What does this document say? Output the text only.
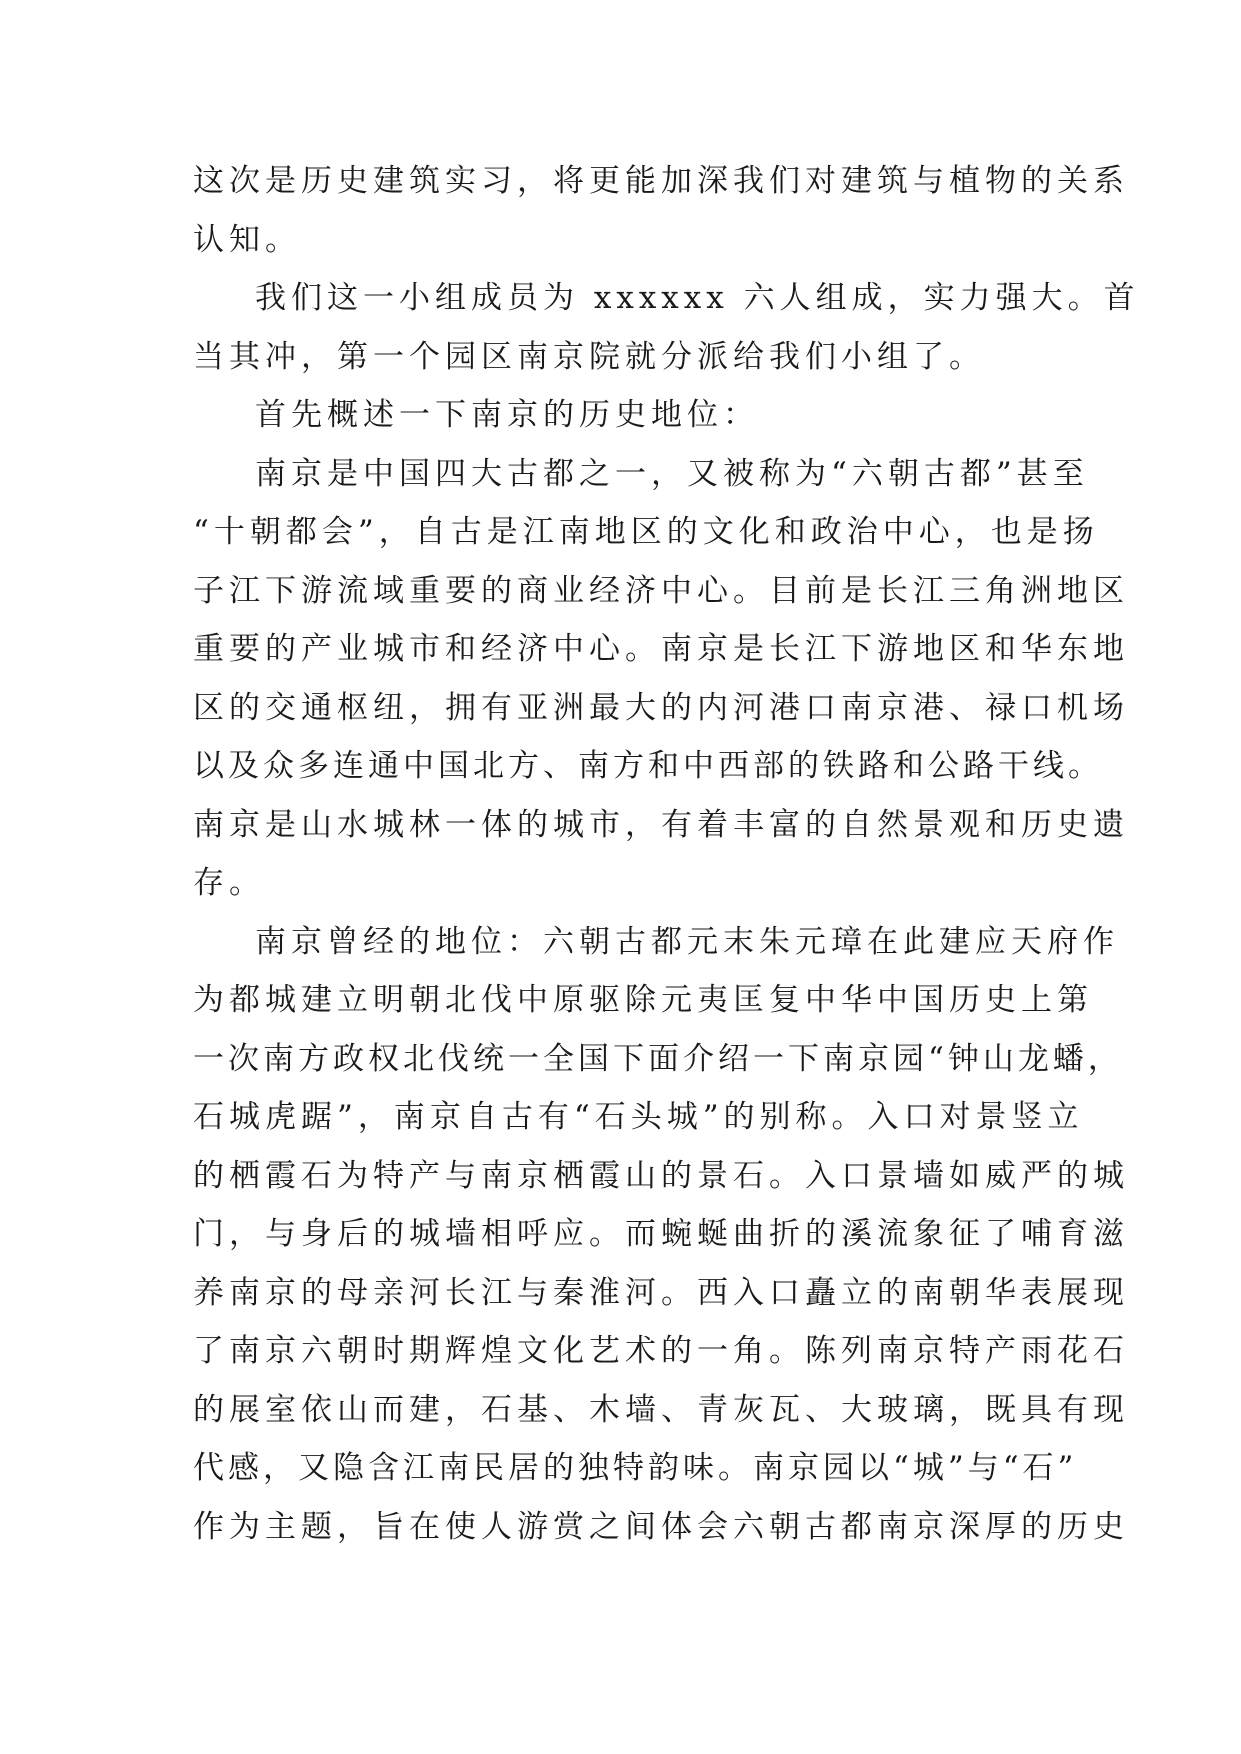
这次是历史建筑实习，将更能加深我们对建筑与植物的关系
认知。
我们这一小组成员为 xxxxxx 六人组成，实力强大。首
当其冲，第一个园区南京院就分派给我们小组了。
首先概述一下南京的历史地位：
南京是中国四大古都之一，又被称为“六朝古都”甚至
“十朝都会”，自古是江南地区的文化和政治中心，也是扬
子江下游流域重要的商业经济中心。目前是长江三角洲地区
重要的产业城市和经济中心。南京是长江下游地区和华东地
区的交通枢纽，拥有亚洲最大的内河港口南京港、禄口机场
以及众多连通中国北方、南方和中西部的铁路和公路干线。
南京是山水城林一体的城市，有着丰富的自然景观和历史遗
存。
南京曾经的地位：六朝古都元末朱元璋在此建应天府作
为都城建立明朝北伐中原驱除元夷匡复中华中国历史上第
一次南方政权北伐统一全国下面介绍一下南京园“钟山龙蟠，
石城虎踞”，南京自古有“石头城”的别称。入口对景竖立
的栖霞石为特产与南京栖霞山的景石。入口景墙如威严的城
门，与身后的城墙相呼应。而蜿蜒曲折的溪流象征了哺育滋
养南京的母亲河长江与秦淮河。西入口矗立的南朝华表展现
了南京六朝时期辉煌文化艺术的一角。陈列南京特产雨花石
的展室依山而建，石基、木墙、青灰瓦、大玻璃，既具有现
代感，又隐含江南民居的独特韵味。南京园以“城”与“石”
作为主题，旨在使人游赏之间体会六朝古都南京深厚的历史
